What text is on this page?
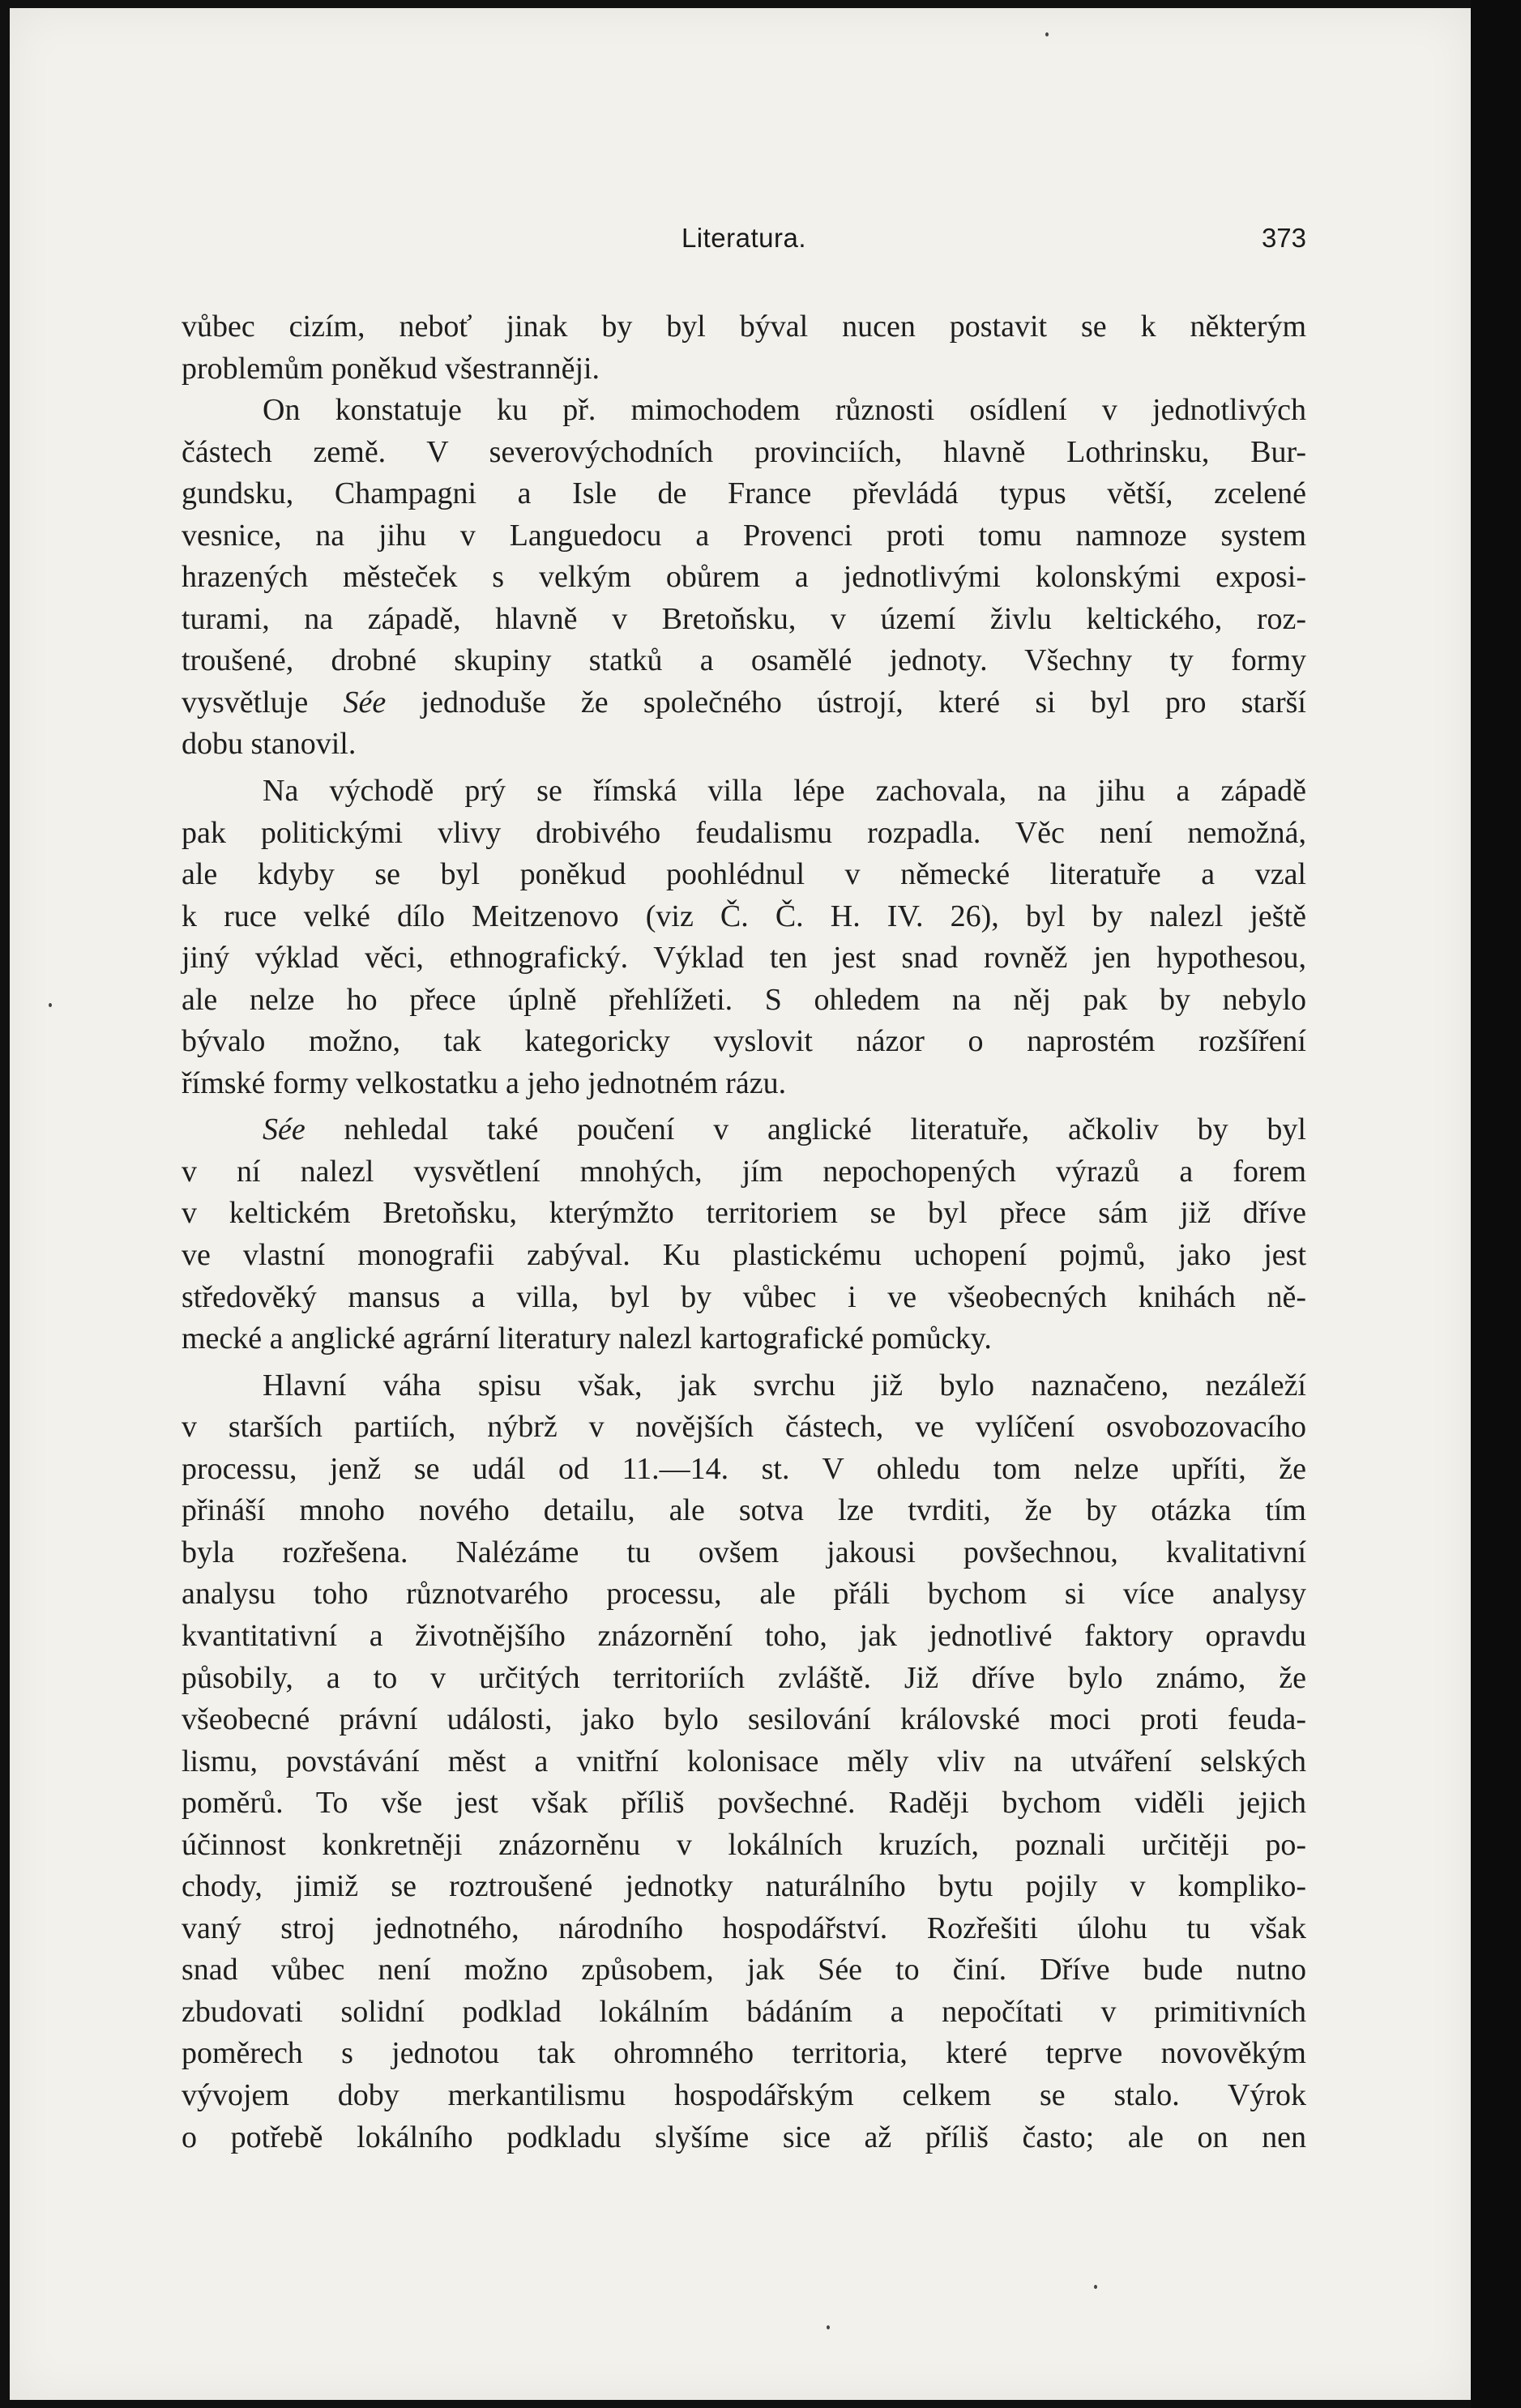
Literatura.	373
vůbec cizím, neboť jinak by byl býval nucen postavit se k některým
problemům poněkud všestranněji.
On konstatuje ku př. mimochodem různosti osídlení v jednotlivých
částech země. V severovýchodních provinciích, hlavně Lothrinsku, Bur-
gundsku, Champagni a Isle de France převládá typus větší, zcelené
vesnice, na jihu v Languedocu a Provenci proti tomu namnoze system
hrazených městeček s velkým obůrem a jednotlivými kolonskými exposi-
turami, na západě, hlavně v Bretoňsku, v území živlu keltického, roz-
troušené, drobné skupiny statků a osamělé jednoty. Všechny ty formy
vysvětluje Sée jednoduše že společného ústrojí, které si byl pro starší
dobu stanovil.
Na východě prý se římská villa lépe zachovala, na jihu a západě
pak politickými vlivy drobivého feudalismu rozpadla. Věc není nemožná,
ale kdyby se byl poněkud poohlédnul v německé literatuře a vzal
k ruce velké dílo Meitzenovo (viz Č. Č. H. IV. 26), byl by nalezl ještě
jiný výklad věci, ethnografický. Výklad ten jest snad rovněž jen hypothesou,
ale nelze ho přece úplně přehlížeti. S ohledem na něj pak by nebylo
bývalo možno, tak kategoricky vyslovit názor o naprostém rozšíření
římské formy velkostatku a jeho jednotném rázu.
Sée nehledal také poučení v anglické literatuře, ačkoliv by byl
v ní nalezl vysvětlení mnohých, jím nepochopených výrazů a forem
v keltickém Bretoňsku, kterýmžto territoriem se byl přece sám již dříve
ve vlastní monografii zabýval. Ku plastickému uchopení pojmů, jako jest
středověký mansus a villa, byl by vůbec i ve všeobecných knihách ně-
mecké a anglické agrární literatury nalezl kartografické pomůcky.
Hlavní váha spisu však, jak svrchu již bylo naznačeno, nezáleží
v starších partiích, nýbrž v novějších částech, ve vylíčení osvobozovacího
processu, jenž se udál od 11.—14. st. V ohledu tom nelze upříti, že
přináší mnoho nového detailu, ale sotva lze tvrditi, že by otázka tím
byla rozřešena. Nalézáme tu ovšem jakousi povšechnou, kvalitativní
analysu toho různotvarého processu, ale přáli bychom si více analysy
kvantitativní a životnějšího znázornění toho, jak jednotlivé faktory opravdu
působily, a to v určitých territoriích zvláště. Již dříve bylo známo, že
všeobecné právní události, jako bylo sesilování královské moci proti feuda-
lismu, povstávání měst a vnitřní kolonisace měly vliv na utváření selských
poměrů. To vše jest však příliš povšechné. Raději bychom viděli jejich
účinnost konkretněji znázorněnu v lokálních kruzích, poznali určitěji po-
chody, jimiž se roztroušené jednotky naturálního bytu pojily v kompliko-
vaný stroj jednotného, národního hospodářství. Rozřešiti úlohu tu však
snad vůbec není možno způsobem, jak Sée to činí. Dříve bude nutno
zbudovati solidní podklad lokálním bádáním a nepočítati v primitivních
poměrech s jednotou tak ohromného territoria, které teprve novověkým
vývojem doby merkantilismu hospodářským celkem se stalo. Výrok
o potřebě lokálního podkladu slyšíme sice až příliš často; ale on nen
